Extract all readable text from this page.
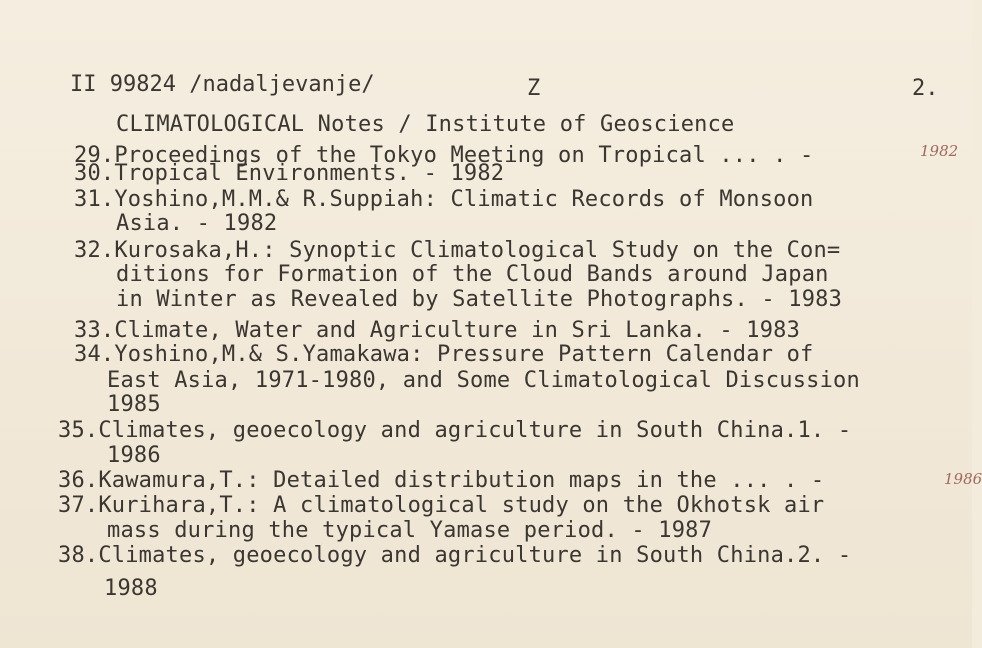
II 99824 /nadaljevanje/	Z	2.
CLIMATOLOGICAL Notes / Institute of Geoscience
29.Proceedings of the Tokyo Meeting on Tropical ... . -	1982
30.Tropical Environments. - 1982
31.Yoshino,M.M.& R.Suppiah: Climatic Records of Monsoon
Asia. - 1982
32.Kurosaka,H.: Synoptic Climatological Study on the Con=
ditions for Formation of the Cloud Bands around Japan
in Winter as Revealed by Satellite Photographs. - 1983
33.Climate, Water and Agriculture in Sri Lanka. - 1983
34.Yoshino,M.& S.Yamakawa: Pressure Pattern Calendar of
East Asia, 1971-1980, and Some Climatological Discussion
1985
35.Climates, geoecology and agriculture in South China.1. -
1986
36.Kawamura,T.: Detailed distribution maps in the ... . -	1986
37.Kurihara,T.: A climatological study on the Okhotsk air
mass during the typical Yamase period. - 1987
38.Climates, geoecology and agriculture in South China.2. -
1988
